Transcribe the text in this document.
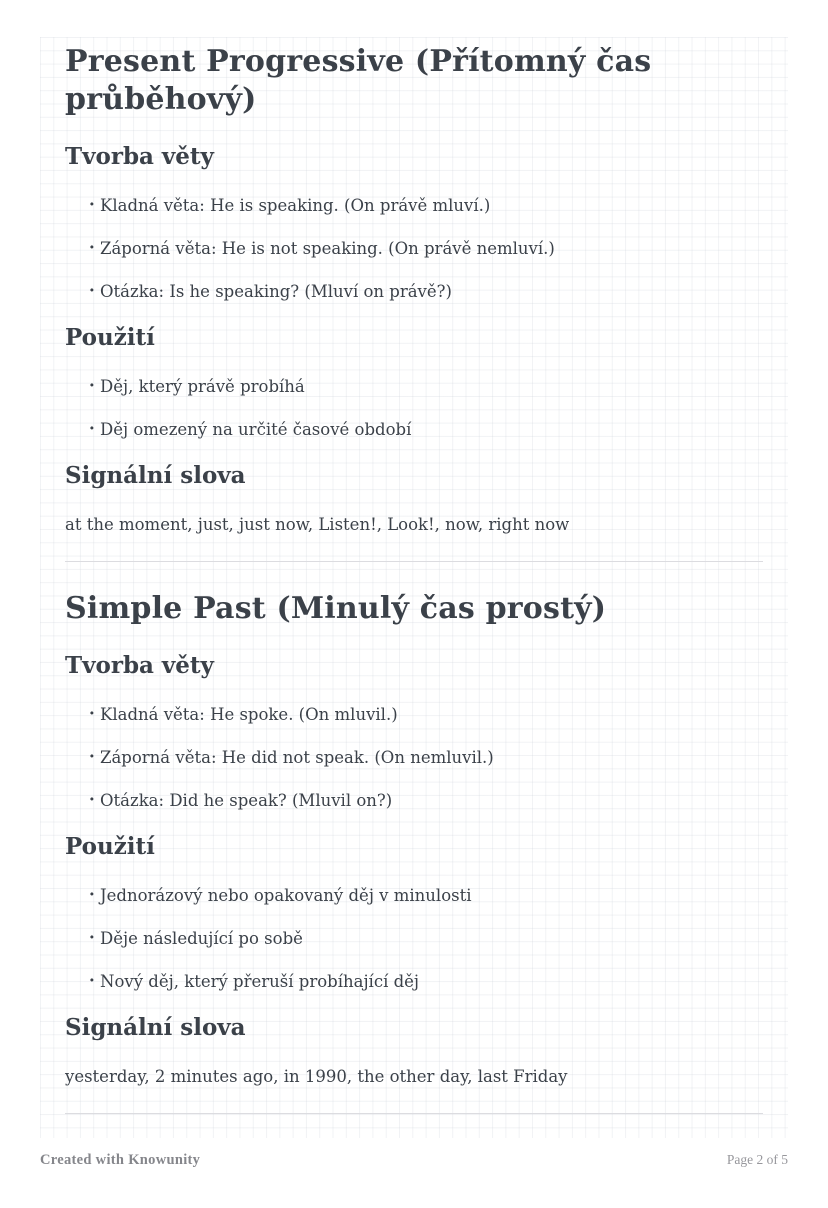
Present Progressive (Přítomný čas průběhový)
Tvorba věty

· Kladná věta: He is speaking. (On právě mluví.)

· Záporná věta: He is not speaking. (On právě nemluví.)

· Otázka: Is he speaking? (Mluví on právě?)

Použití

· Děj, který právě probíhá

· Děj omezený na určité časové období

Signální slova

at the moment, just, just now, Listen!, Look!, now, right now

Simple Past (Minulý čas prostý)
Tvorba věty

· Kladná věta: He spoke. (On mluvil.)

· Záporná věta: He did not speak. (On nemluvil.)

· Otázka: Did he speak? (Mluvil on?)

Použití

· Jednorázový nebo opakovaný děj v minulosti

· Děje následující po sobě

· Nový děj, který přeruší probíhající děj

Signální slova

yesterday, 2 minutes ago, in 1990, the other day, last Friday

Created with Knowunity	Page 2 of 5
